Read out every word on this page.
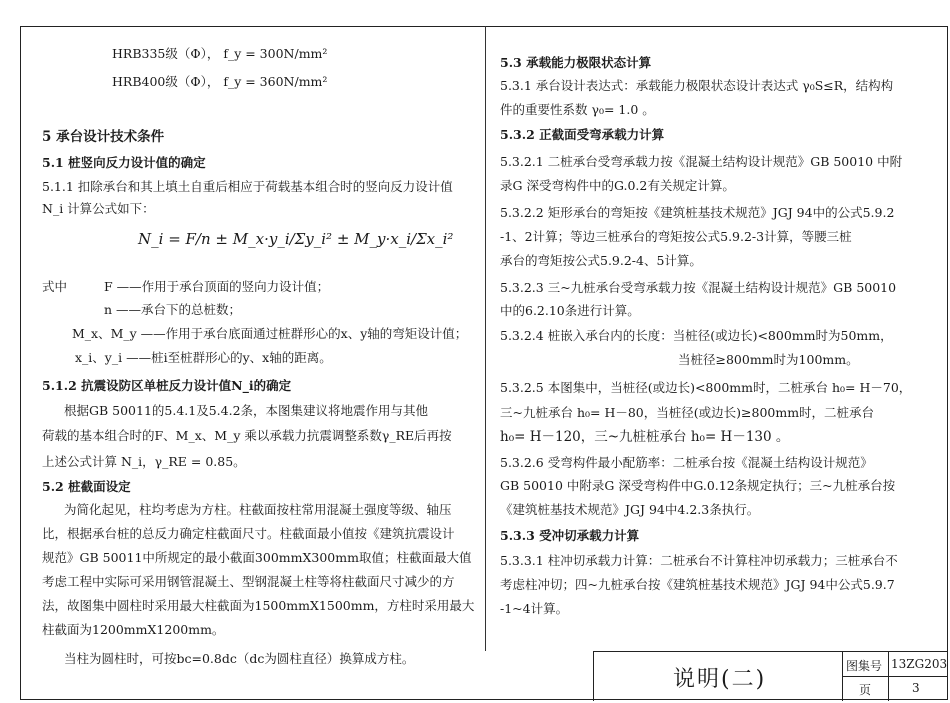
HRB335级（Φ）， f_y = 300N/mm²
HRB400级（Φ）， f_y = 360N/mm²
5 承台设计技术条件
5.1 桩竖向反力设计值的确定
5.1.1 扣除承台和其上填土自重后相应于荷载基本组合时的竖向反力设计值
N_i 计算公式如下：
N_i = F/n ± M_x·y_i/Σy_i² ± M_y·x_i/Σx_i²
式中	F ——作用于承台顶面的竖向力设计值；
n ——承台下的总桩数；
M_x、M_y ——作用于承台底面通过桩群形心的x、y轴的弯矩设计值；
x_i、y_i ——桩i至桩群形心的y、x轴的距离。
5.1.2 抗震设防区单桩反力设计值N_i的确定
根据GB 50011的5.4.1及5.4.2条，本图集建议将地震作用与其他
荷载的基本组合时的F、M_x、M_y 乘以承载力抗震调整系数γ_RE后再按
上述公式计算 N_i，γ_RE = 0.85。
5.2 桩截面设定
为简化起见，柱均考虑为方柱。柱截面按柱常用混凝土强度等级、轴压
比，根据承台桩的总反力确定柱截面尺寸。柱截面最小值按《建筑抗震设计
规范》GB 50011中所规定的最小截面300mmX300mm取值；柱截面最大值
考虑工程中实际可采用钢管混凝土、型钢混凝土柱等将柱截面尺寸减少的方
法，故图集中圆柱时采用最大柱截面为1500mmX1500mm，方柱时采用最大
柱截面为1200mmX1200mm。
当柱为圆柱时，可按bc=0.8dc（dc为圆柱直径）换算成方柱。
5.3 承载能力极限状态计算
5.3.1 承台设计表达式：承载能力极限状态设计表达式 γ₀S≤R，结构构
件的重要性系数 γ₀= 1.0 。
5.3.2 正截面受弯承载力计算
5.3.2.1 二桩承台受弯承载力按《混凝土结构设计规范》GB 50010 中附
录G 深受弯构件中的G.0.2有关规定计算。
5.3.2.2 矩形承台的弯矩按《建筑桩基技术规范》JGJ 94中的公式5.9.2
-1、2计算；等边三桩承台的弯矩按公式5.9.2-3计算，等腰三桩
承台的弯矩按公式5.9.2-4、5计算。
5.3.2.3 三~九桩承台受弯承载力按《混凝土结构设计规范》GB 50010
中的6.2.10条进行计算。
5.3.2.4 桩嵌入承台内的长度：当桩径(或边长)<800mm时为50mm，
当桩径≥800mm时为100mm。
5.3.2.5 本图集中，当桩径(或边长)<800mm时，二桩承台 h₀= H－70，
三~九桩承台 h₀= H－80，当桩径(或边长)≥800mm时，二桩承台
h₀= H－120，三~九桩桩承台 h₀= H－130 。
5.3.2.6 受弯构件最小配筋率：二桩承台按《混凝土结构设计规范》
GB 50010 中附录G 深受弯构件中G.0.12条规定执行；三~九桩承台按
《建筑桩基技术规范》JGJ 94中4.2.3条执行。
5.3.3 受冲切承载力计算
5.3.3.1 柱冲切承载力计算：二桩承台不计算柱冲切承载力；三桩承台不
考虑柱冲切；四~九桩承台按《建筑桩基技术规范》JGJ 94中公式5.9.7
-1~4计算。
说明(二)
图集号 13ZG203
页	3
